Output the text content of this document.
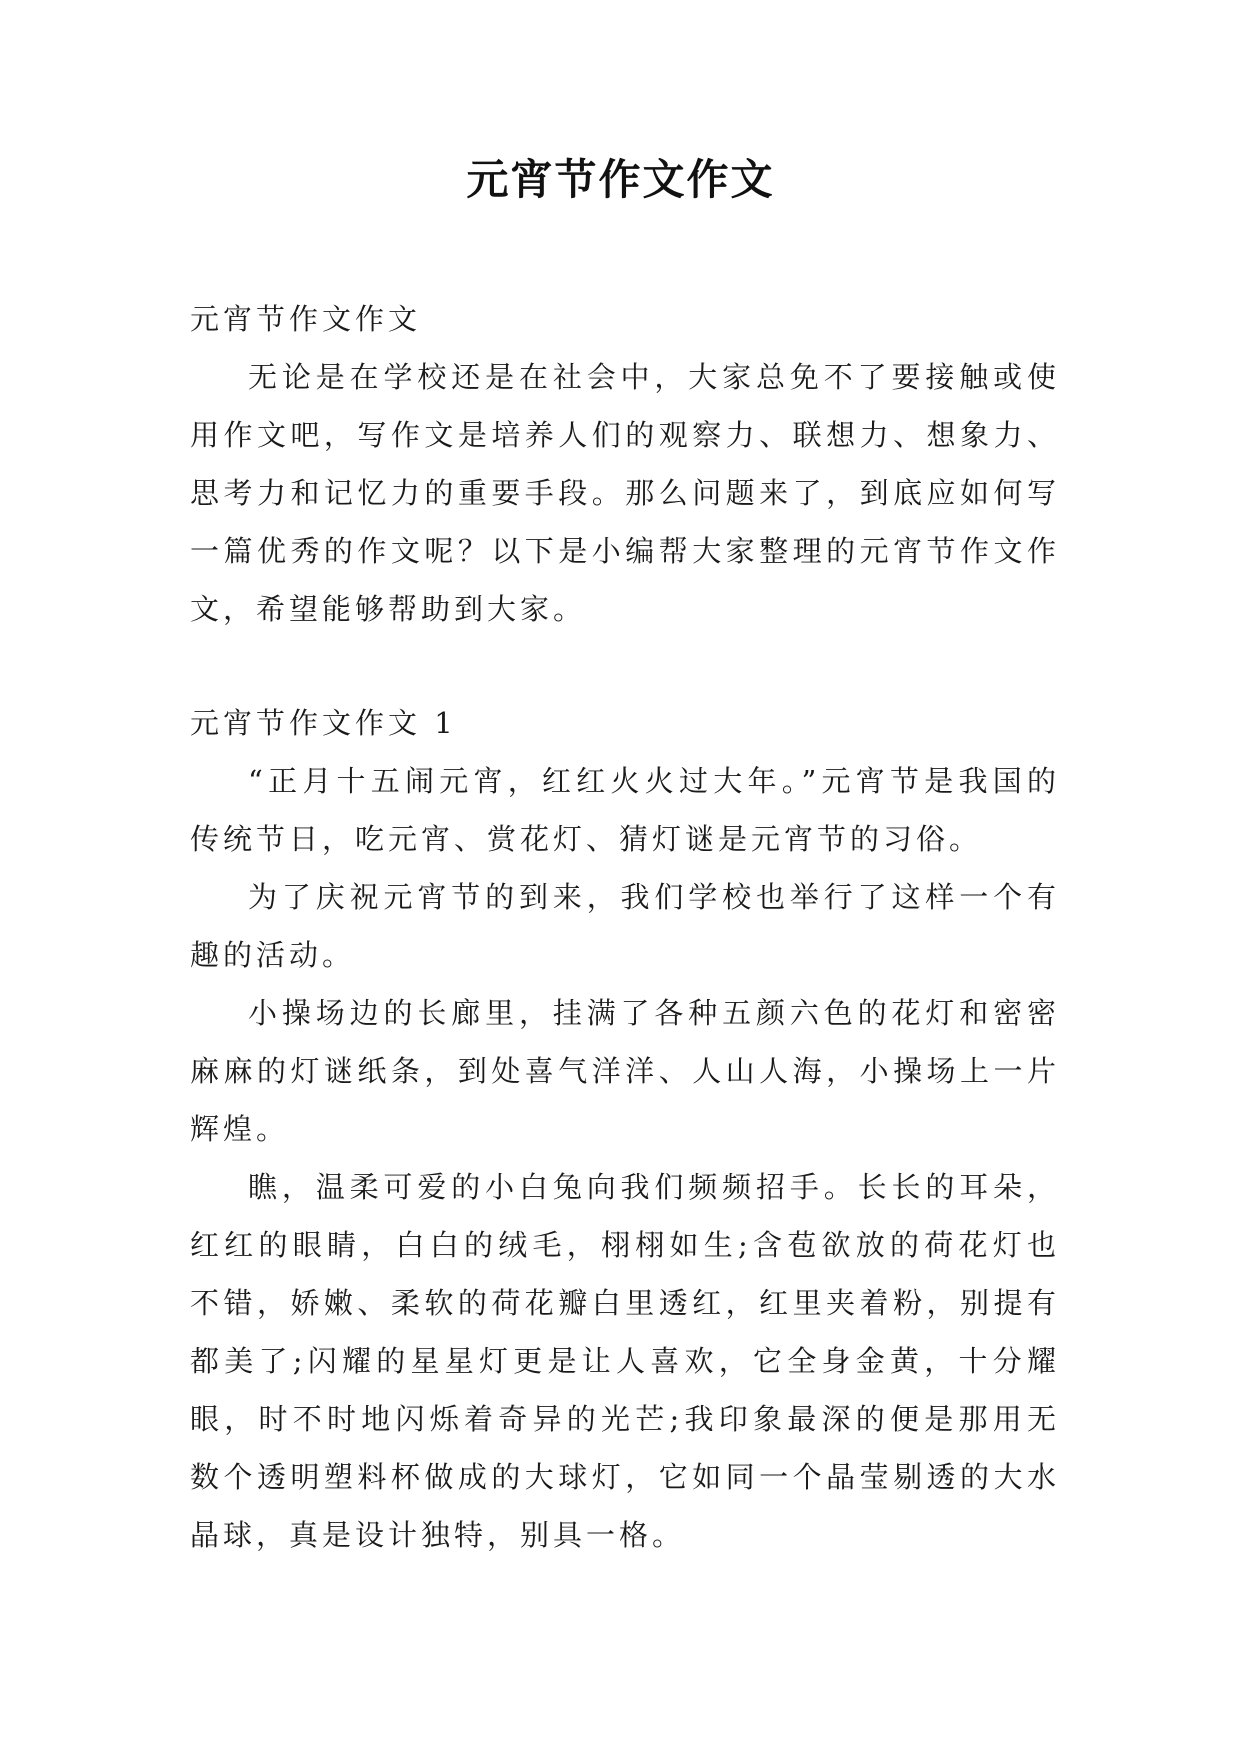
元宵节作文作文

元宵节作文作文

无论是在学校还是在社会中，大家总免不了要接触或使用作文吧，写作文是培养人们的观察力、联想力、想象力、思考力和记忆力的重要手段。那么问题来了，到底应如何写一篇优秀的作文呢？以下是小编帮大家整理的元宵节作文作文，希望能够帮助到大家。

元宵节作文作文 1

“正月十五闹元宵，红红火火过大年。”元宵节是我国的传统节日，吃元宵、赏花灯、猜灯谜是元宵节的习俗。

为了庆祝元宵节的到来，我们学校也举行了这样一个有趣的活动。

小操场边的长廊里，挂满了各种五颜六色的花灯和密密麻麻的灯谜纸条，到处喜气洋洋、人山人海，小操场上一片辉煌。

瞧，温柔可爱的小白兔向我们频频招手。长长的耳朵，红红的眼睛，白白的绒毛，栩栩如生;含苞欲放的荷花灯也不错，娇嫩、柔软的荷花瓣白里透红，红里夹着粉，别提有都美了;闪耀的星星灯更是让人喜欢，它全身金黄，十分耀眼，时不时地闪烁着奇异的光芒;我印象最深的便是那用无数个透明塑料杯做成的大球灯，它如同一个晶莹剔透的大水晶球，真是设计独特，别具一格。
